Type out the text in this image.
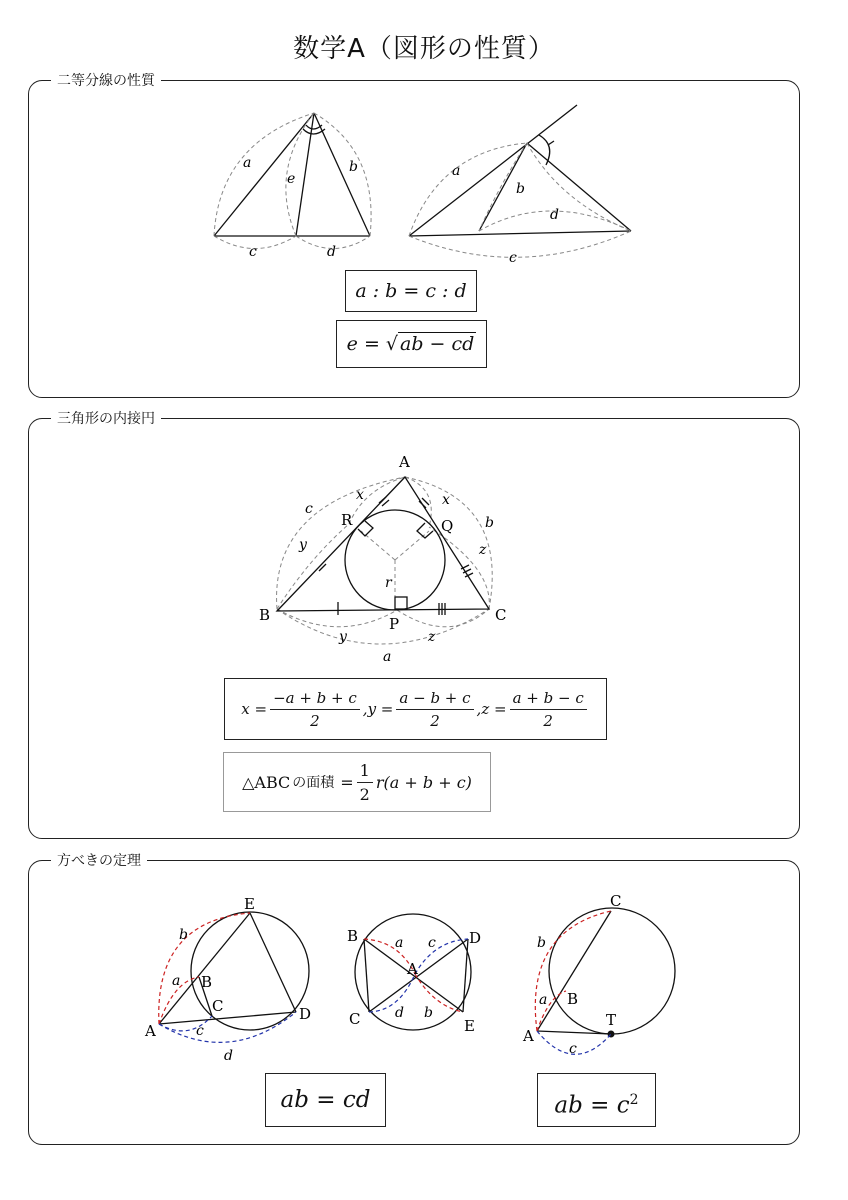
数学A（図形の性質）
二等分線の性質
a	b
e
c	d
a
b
d
c
a : b = c : d
e = √ ab − cd
三角形の内接円
A
B	C
P
Q
R
c
b
a
x	x
y
y
z
z
r
$x = \frac{-a + b + c}{2} ,y = \frac{a - b + c}{2} ,z = \frac{a + b - c}{2}$
△ABC の面積 = $\frac{1}{2} r(a + b + c)$
方べきの定理
E
B
C	D
A
b
a
c
d
B	D
A
C	E
a c
d b
C
B
A
T
b
a
c
ab = cd	ab = $c^2$
